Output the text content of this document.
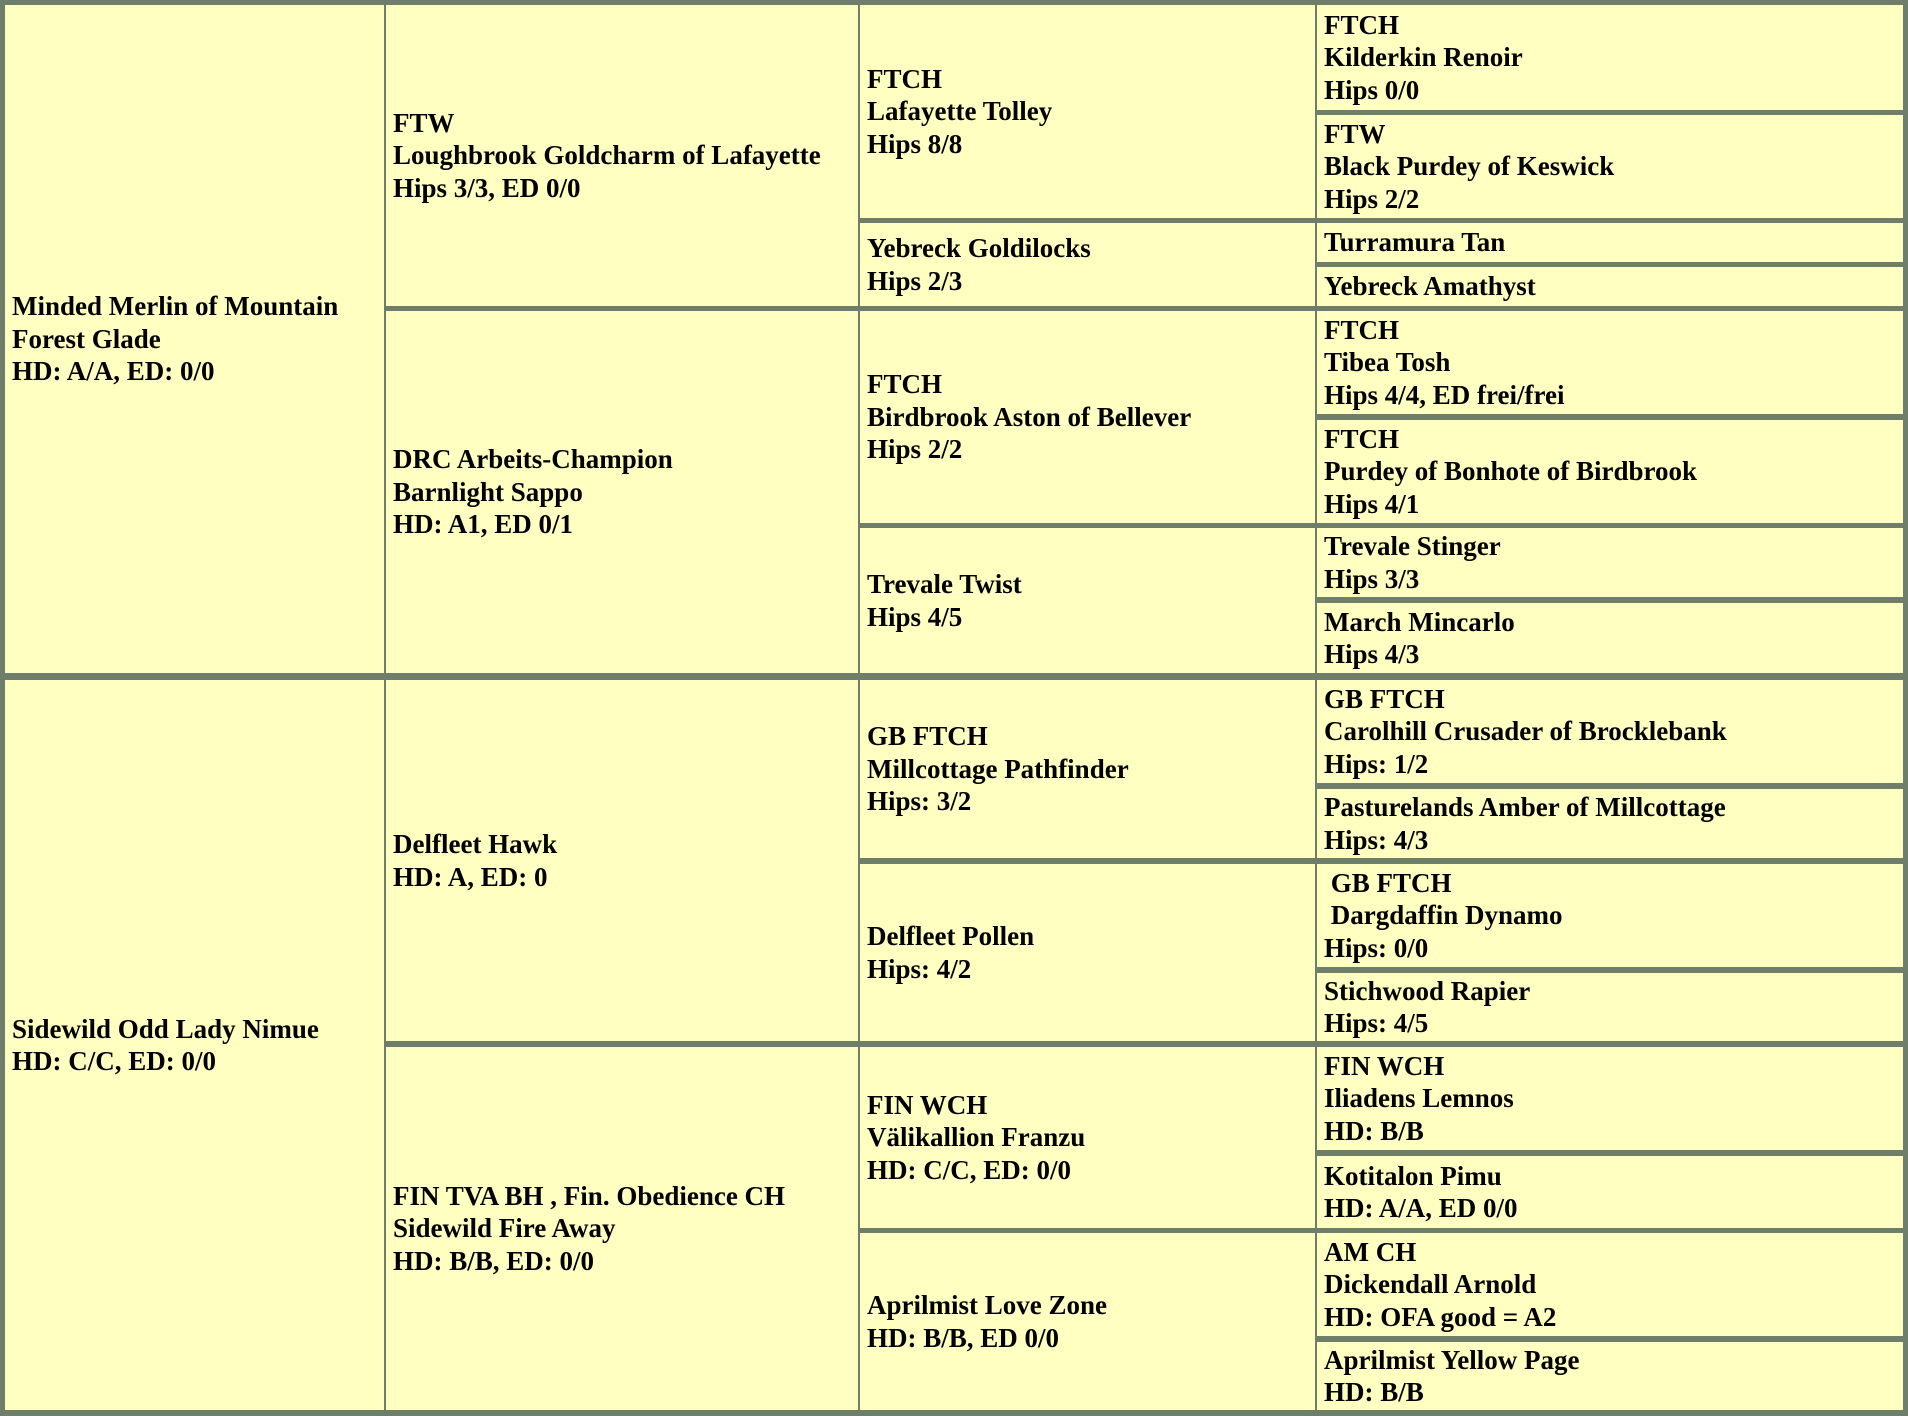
Minded Merlin of Mountain
Forest Glade
HD: A/A, ED: 0/0
Sidewild Odd Lady Nimue
HD: C/C, ED: 0/0
FTW
Loughbrook Goldcharm of Lafayette
Hips 3/3, ED 0/0
DRC Arbeits-Champion
Barnlight Sappo
HD: A1, ED 0/1
Delfleet Hawk
HD: A, ED: 0
FIN TVA BH , Fin. Obedience CH
Sidewild Fire Away
HD: B/B, ED: 0/0
FTCH
Lafayette Tolley
Hips 8/8
Yebreck Goldilocks
Hips 2/3
FTCH
Birdbrook Aston of Bellever
Hips 2/2
Trevale Twist
Hips 4/5
GB FTCH
Millcottage Pathfinder
Hips: 3/2
Delfleet Pollen
Hips: 4/2
FIN WCH
Välikallion Franzu
HD: C/C, ED: 0/0
Aprilmist Love Zone
HD: B/B, ED 0/0
FTCH
Kilderkin Renoir
Hips 0/0
FTW
Black Purdey of Keswick
Hips 2/2
Turramura Tan
Yebreck Amathyst
FTCH
Tibea Tosh
Hips 4/4, ED frei/frei
FTCH
Purdey of Bonhote of Birdbrook
Hips 4/1
Trevale Stinger
Hips 3/3
March Mincarlo
Hips 4/3
GB FTCH
Carolhill Crusader of Brocklebank
Hips: 1/2
Pasturelands Amber of Millcottage
Hips: 4/3
GB FTCH
Dargdaffin Dynamo
Hips: 0/0
Stichwood Rapier
Hips: 4/5
FIN WCH
Iliadens Lemnos
HD: B/B
Kotitalon Pimu
HD: A/A, ED 0/0
AM CH
Dickendall Arnold
HD: OFA good = A2
Aprilmist Yellow Page
HD: B/B
